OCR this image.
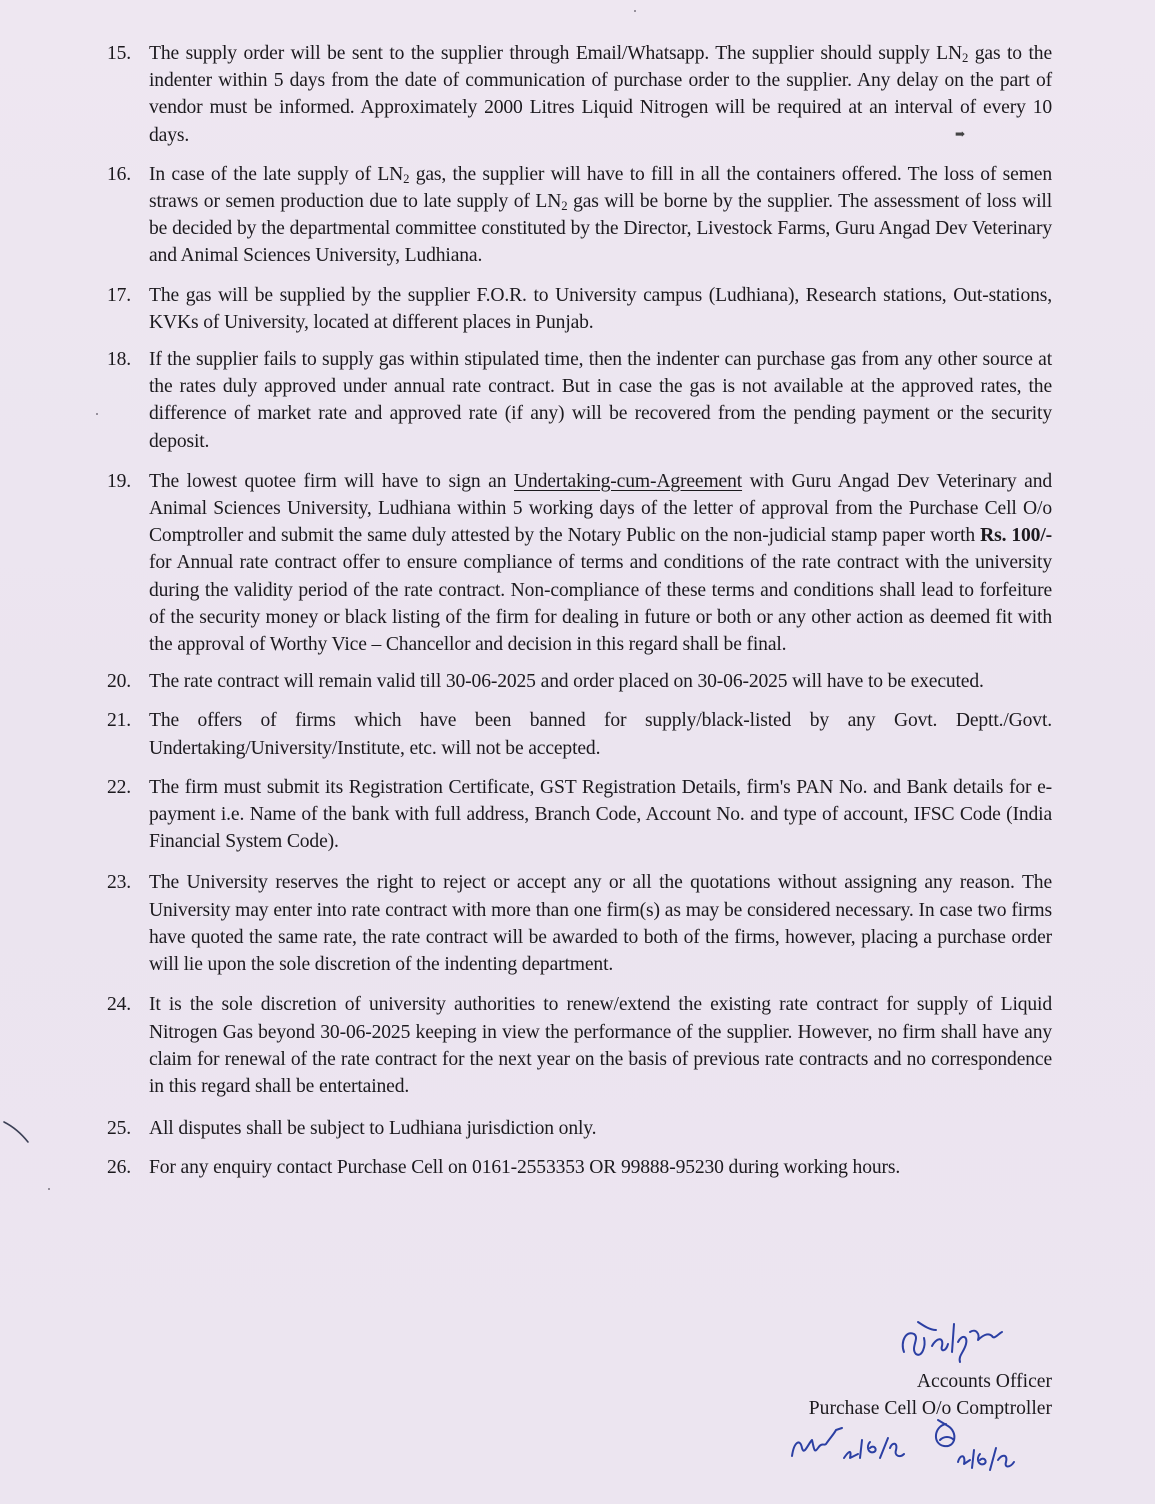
➡
15. The supply order will be sent to the supplier through Email/Whatsapp. The supplier should supply $LN_2$ gas to the indenter within 5 days from the date of communication of purchase order to the supplier. Any delay on the part of vendor must be informed. Approximately 2000 Litres Liquid Nitrogen will be required at an interval of every 10 days.
16. In case of the late supply of $LN_2$ gas, the supplier will have to fill in all the containers offered. The loss of semen straws or semen production due to late supply of $LN_2$ gas will be borne by the supplier. The assessment of loss will be decided by the departmental committee constituted by the Director, Livestock Farms, Guru Angad Dev Veterinary and Animal Sciences University, Ludhiana.
17. The gas will be supplied by the supplier F.O.R. to University campus (Ludhiana), Research stations, Out-stations, KVKs of University, located at different places in Punjab.
18. If the supplier fails to supply gas within stipulated time, then the indenter can purchase gas from any other source at the rates duly approved under annual rate contract. But in case the gas is not available at the approved rates, the difference of market rate and approved rate (if any) will be recovered from the pending payment or the security deposit.
19. The lowest quotee firm will have to sign an Undertaking-cum-Agreement with Guru Angad Dev Veterinary and Animal Sciences University, Ludhiana within 5 working days of the letter of approval from the Purchase Cell O/o Comptroller and submit the same duly attested by the Notary Public on the non-judicial stamp paper worth Rs. 100/- for Annual rate contract offer to ensure compliance of terms and conditions of the rate contract with the university during the validity period of the rate contract. Non-compliance of these terms and conditions shall lead to forfeiture of the security money or black listing of the firm for dealing in future or both or any other action as deemed fit with the approval of Worthy Vice – Chancellor and decision in this regard shall be final.
20. The rate contract will remain valid till 30-06-2025 and order placed on 30-06-2025 will have to be executed.
21. The offers of firms which have been banned for supply/black-listed by any Govt. Deptt./Govt. Undertaking/University/Institute, etc. will not be accepted.
22. The firm must submit its Registration Certificate, GST Registration Details, firm's PAN No. and Bank details for e-payment i.e. Name of the bank with full address, Branch Code, Account No. and type of account, IFSC Code (India Financial System Code).
23. The University reserves the right to reject or accept any or all the quotations without assigning any reason. The University may enter into rate contract with more than one firm(s) as may be considered necessary. In case two firms have quoted the same rate, the rate contract will be awarded to both of the firms, however, placing a purchase order will lie upon the sole discretion of the indenting department.
24. It is the sole discretion of university authorities to renew/extend the existing rate contract for supply of Liquid Nitrogen Gas beyond 30-06-2025 keeping in view the performance of the supplier. However, no firm shall have any claim for renewal of the rate contract for the next year on the basis of previous rate contracts and no correspondence in this regard shall be entertained.
25. All disputes shall be subject to Ludhiana jurisdiction only.
26. For any enquiry contact Purchase Cell on 0161-2553353 OR 99888-95230 during working hours.
Accounts Officer
Purchase Cell O/o Comptroller
